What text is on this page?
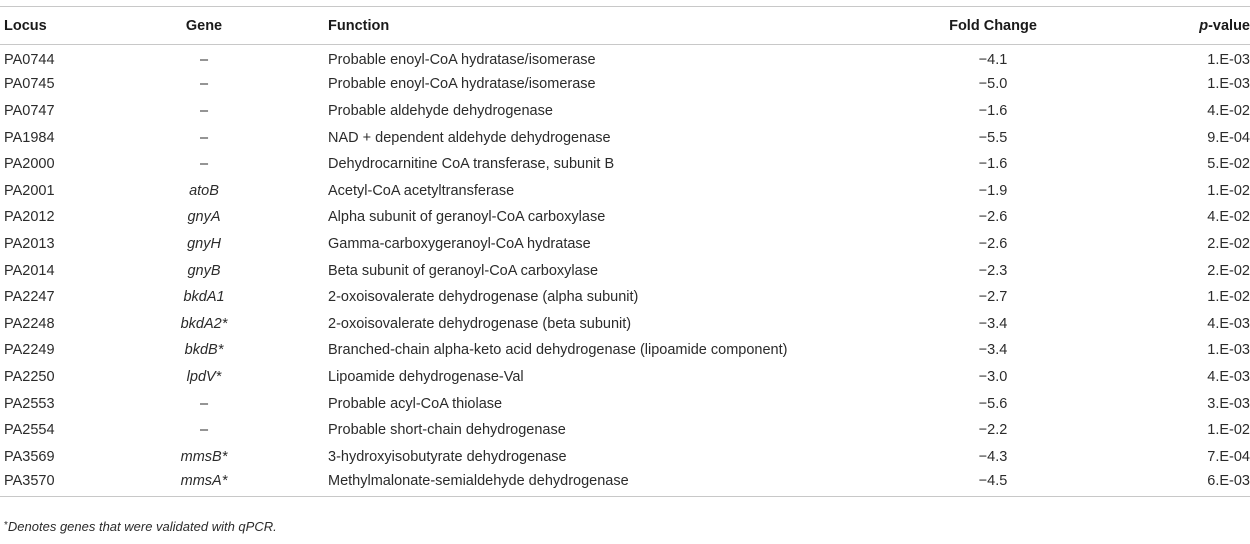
Locus	Gene	Function	Fold Change	p-value
PA0744	–	Probable enoyl-CoA hydratase/isomerase	−4.1	1.E-03
PA0745	–	Probable enoyl-CoA hydratase/isomerase	−5.0	1.E-03
PA0747	–	Probable aldehyde dehydrogenase	−1.6	4.E-02
PA1984	–	NAD + dependent aldehyde dehydrogenase	−5.5	9.E-04
PA2000	–	Dehydrocarnitine CoA transferase, subunit B	−1.6	5.E-02
PA2001	atoB	Acetyl-CoA acetyltransferase	−1.9	1.E-02
PA2012	gnyA	Alpha subunit of geranoyl-CoA carboxylase	−2.6	4.E-02
PA2013	gnyH	Gamma-carboxygeranoyl-CoA hydratase	−2.6	2.E-02
PA2014	gnyB	Beta subunit of geranoyl-CoA carboxylase	−2.3	2.E-02
PA2247	bkdA1	2-oxoisovalerate dehydrogenase (alpha subunit)	−2.7	1.E-02
PA2248	bkdA2*	2-oxoisovalerate dehydrogenase (beta subunit)	−3.4	4.E-03
PA2249	bkdB*	Branched-chain alpha-keto acid dehydrogenase (lipoamide component)	−3.4	1.E-03
PA2250	lpdV*	Lipoamide dehydrogenase-Val	−3.0	4.E-03
PA2553	–	Probable acyl-CoA thiolase	−5.6	3.E-03
PA2554	–	Probable short-chain dehydrogenase	−2.2	1.E-02
PA3569	mmsB*	3-hydroxyisobutyrate dehydrogenase	−4.3	7.E-04
PA3570	mmsA*	Methylmalonate-semialdehyde dehydrogenase	−4.5	6.E-03
*Denotes genes that were validated with qPCR.
